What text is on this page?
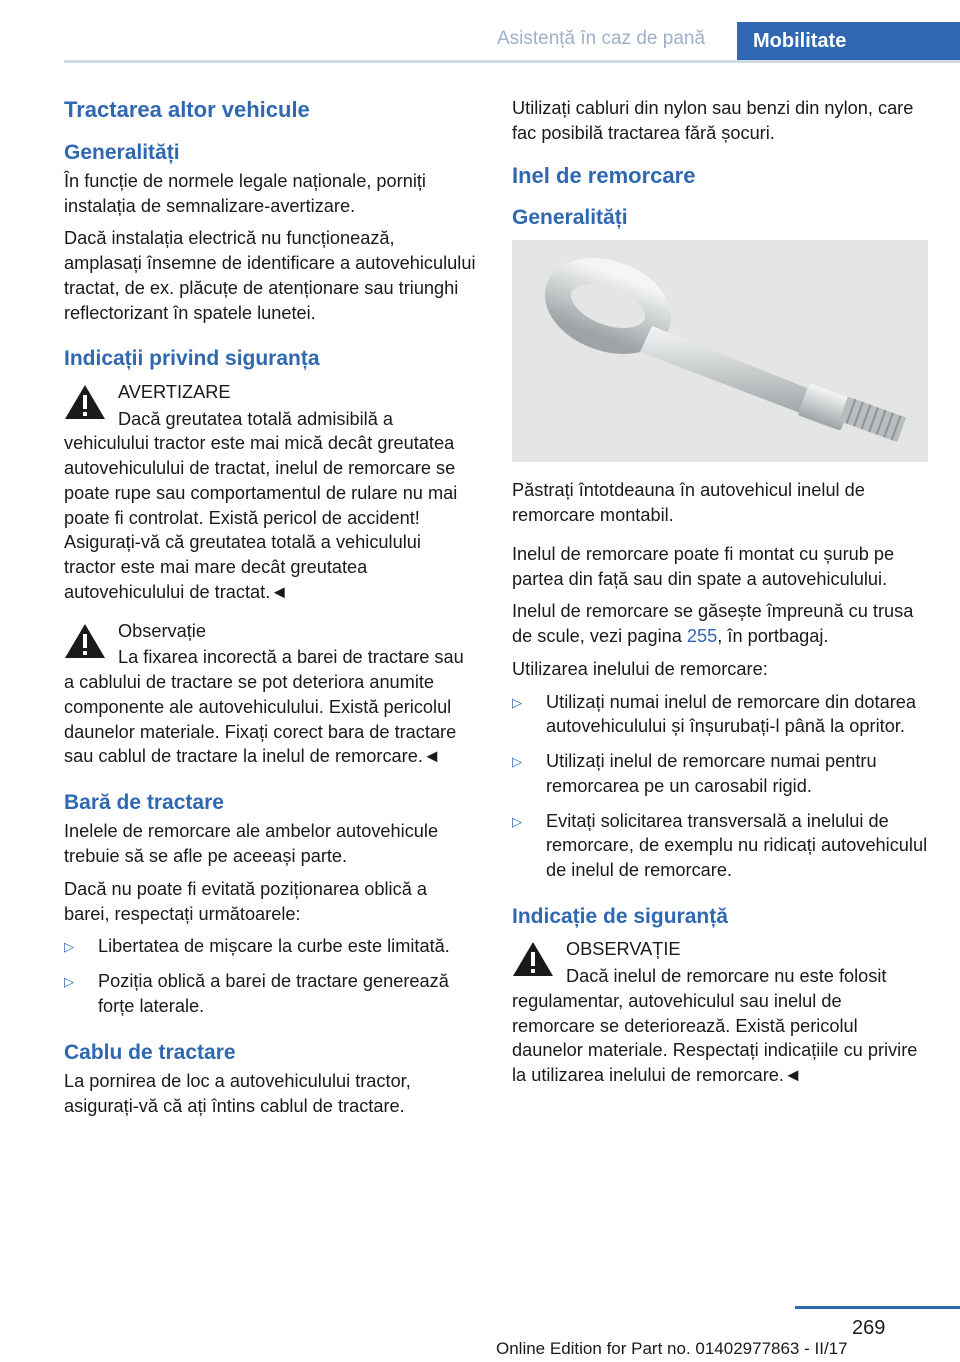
Asistență în caz de pană	Mobilitate
Tractarea altor vehicule
Generalități

În funcție de normele legale naționale, porniți instalația de semnalizare-avertizare.

Dacă instalația electrică nu funcționează, amplasați însemne de identificare a autovehiculului tractat, de ex. plăcuțe de atenționare sau triunghi reflectorizant în spatele lunetei.

Indicații privind siguranța

AVERTIZARE

Dacă greutatea totală admisibilă a vehiculului tractor este mai mică decât greutatea autovehiculului de tractat, inelul de remorcare se poate rupe sau comportamentul de rulare nu mai poate fi controlat. Există pericol de accident! Asigurați-vă că greutatea totală a vehiculului tractor este mai mare decât greutatea autovehiculului de tractat.◄

Observație

La fixarea incorectă a barei de tractare sau a cablului de tractare se pot deteriora anumite componente ale autovehiculului. Există pericolul daunelor materiale. Fixați corect bara de tractare sau cablul de tractare la inelul de remorcare.◄

Bară de tractare

Inelele de remorcare ale ambelor autovehicule trebuie să se afle pe aceeași parte.

Dacă nu poate fi evitată poziționarea oblică a barei, respectați următoarele:

▷	Libertatea de mișcare la curbe este limitată.
▷	Poziția oblică a barei de tractare generează forțe laterale.
Cablu de tractare

La pornirea de loc a autovehiculului tractor, asigurați-vă că ați întins cablul de tractare.

Utilizați cabluri din nylon sau benzi din nylon, care fac posibilă tractarea fără șocuri.

Inel de remorcare
Generalități

Păstrați întotdeauna în autovehicul inelul de remorcare montabil.

Inelul de remorcare poate fi montat cu șurub pe partea din față sau din spate a autovehiculului.

Inelul de remorcare se găsește împreună cu trusa de scule, vezi pagina 255, în portbagaj.

Utilizarea inelului de remorcare:

▷	Utilizați numai inelul de remorcare din dotarea autovehiculului și înșurubați-l până la opritor.
▷	Utilizați inelul de remorcare numai pentru remorcarea pe un carosabil rigid.
▷	Evitați solicitarea transversală a inelului de remorcare, de exemplu nu ridicați autovehiculul de inelul de remorcare.
Indicație de siguranță

OBSERVAȚIE

Dacă inelul de remorcare nu este folosit regulamentar, autovehiculul sau inelul de remorcare se deteriorează. Există pericolul daunelor materiale. Respectați indicațiile cu privire la utilizarea inelului de remorcare.◄

269
Online Edition for Part no. 01402977863 - II/17
